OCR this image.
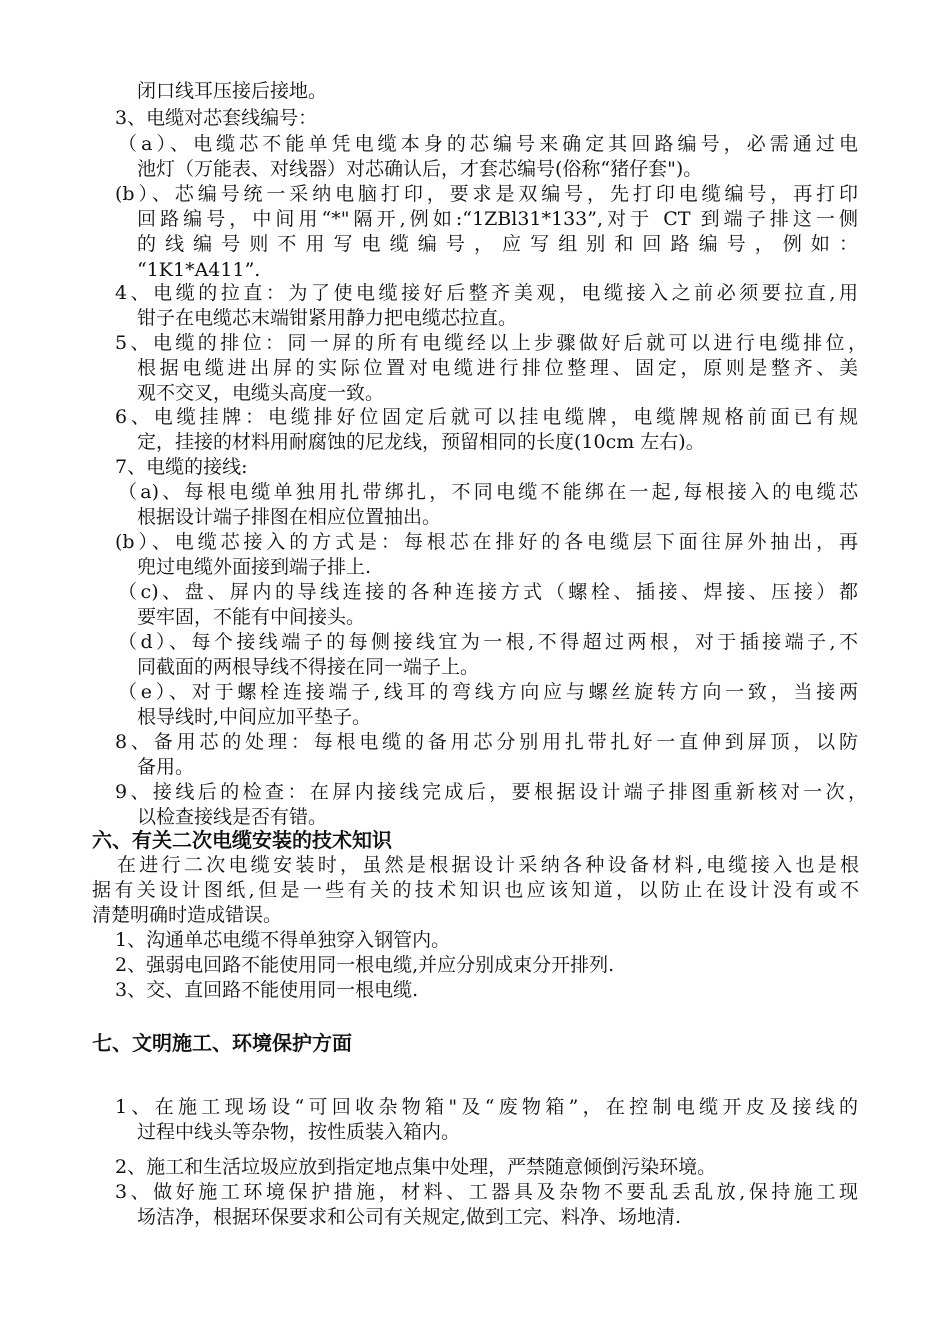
闭口线耳压接后接地。
3、电缆对芯套线编号：
（a）、电缆芯不能单凭电缆本身的芯编号来确定其回路编号，必需通过电
池灯（万能表、对线器）对芯确认后，才套芯编号(俗称“猪仔套")。
(b）、芯编号统一采纳电脑打印，要求是双编号，先打印电缆编号，再打印
回路编号，中间用“*"隔开,例如:“1ZBl31*133”,对于 CT 到端子排这一侧
的 线 编 号 则 不 用 写 电 缆 编 号 ， 应 写 组 别 和 回 路 编 号 ， 例 如 ：
“1K1*A411”.
4、电缆的拉直：为了使电缆接好后整齐美观，电缆接入之前必须要拉直,用
钳子在电缆芯末端钳紧用静力把电缆芯拉直。
5、电缆的排位：同一屏的所有电缆经以上步骤做好后就可以进行电缆排位，
根据电缆进出屏的实际位置对电缆进行排位整理、固定，原则是整齐、美
观不交叉，电缆头高度一致。
6、电缆挂牌：电缆排好位固定后就可以挂电缆牌，电缆牌规格前面已有规
定，挂接的材料用耐腐蚀的尼龙线，预留相同的长度(10cm 左右)。
7、电缆的接线:
（a)、每根电缆单独用扎带绑扎，不同电缆不能绑在一起,每根接入的电缆芯
根据设计端子排图在相应位置抽出。
(b）、电缆芯接入的方式是：每根芯在排好的各电缆层下面往屏外抽出，再
兜过电缆外面接到端子排上.
（c)、盘、屏内的导线连接的各种连接方式（螺栓、插接、焊接、压接）都
要牢固，不能有中间接头。
（d）、每个接线端子的每侧接线宜为一根,不得超过两根，对于插接端子,不
同截面的两根导线不得接在同一端子上。
（e）、对于螺栓连接端子,线耳的弯线方向应与螺丝旋转方向一致，当接两
根导线时,中间应加平垫子。
8、备用芯的处理：每根电缆的备用芯分别用扎带扎好一直伸到屏顶，以防
备用。
9、接线后的检查：在屏内接线完成后，要根据设计端子排图重新核对一次，
以检查接线是否有错。
六、有关二次电缆安装的技术知识
在进行二次电缆安装时，虽然是根据设计采纳各种设备材料,电缆接入也是根
据有关设计图纸,但是一些有关的技术知识也应该知道，以防止在设计没有或不
清楚明确时造成错误。
1、沟通单芯电缆不得单独穿入钢管内。
2、强弱电回路不能使用同一根电缆,并应分别成束分开排列.
3、交、直回路不能使用同一根电缆.
七、文明施工、环境保护方面
1、在施工现场设“可回收杂物箱"及“废物箱”，在控制电缆开皮及接线的
过程中线头等杂物，按性质装入箱内。
2、施工和生活垃圾应放到指定地点集中处理，严禁随意倾倒污染环境。
3、做好施工环境保护措施，材料、工器具及杂物不要乱丢乱放,保持施工现
场洁净，根据环保要求和公司有关规定,做到工完、料净、场地清.
